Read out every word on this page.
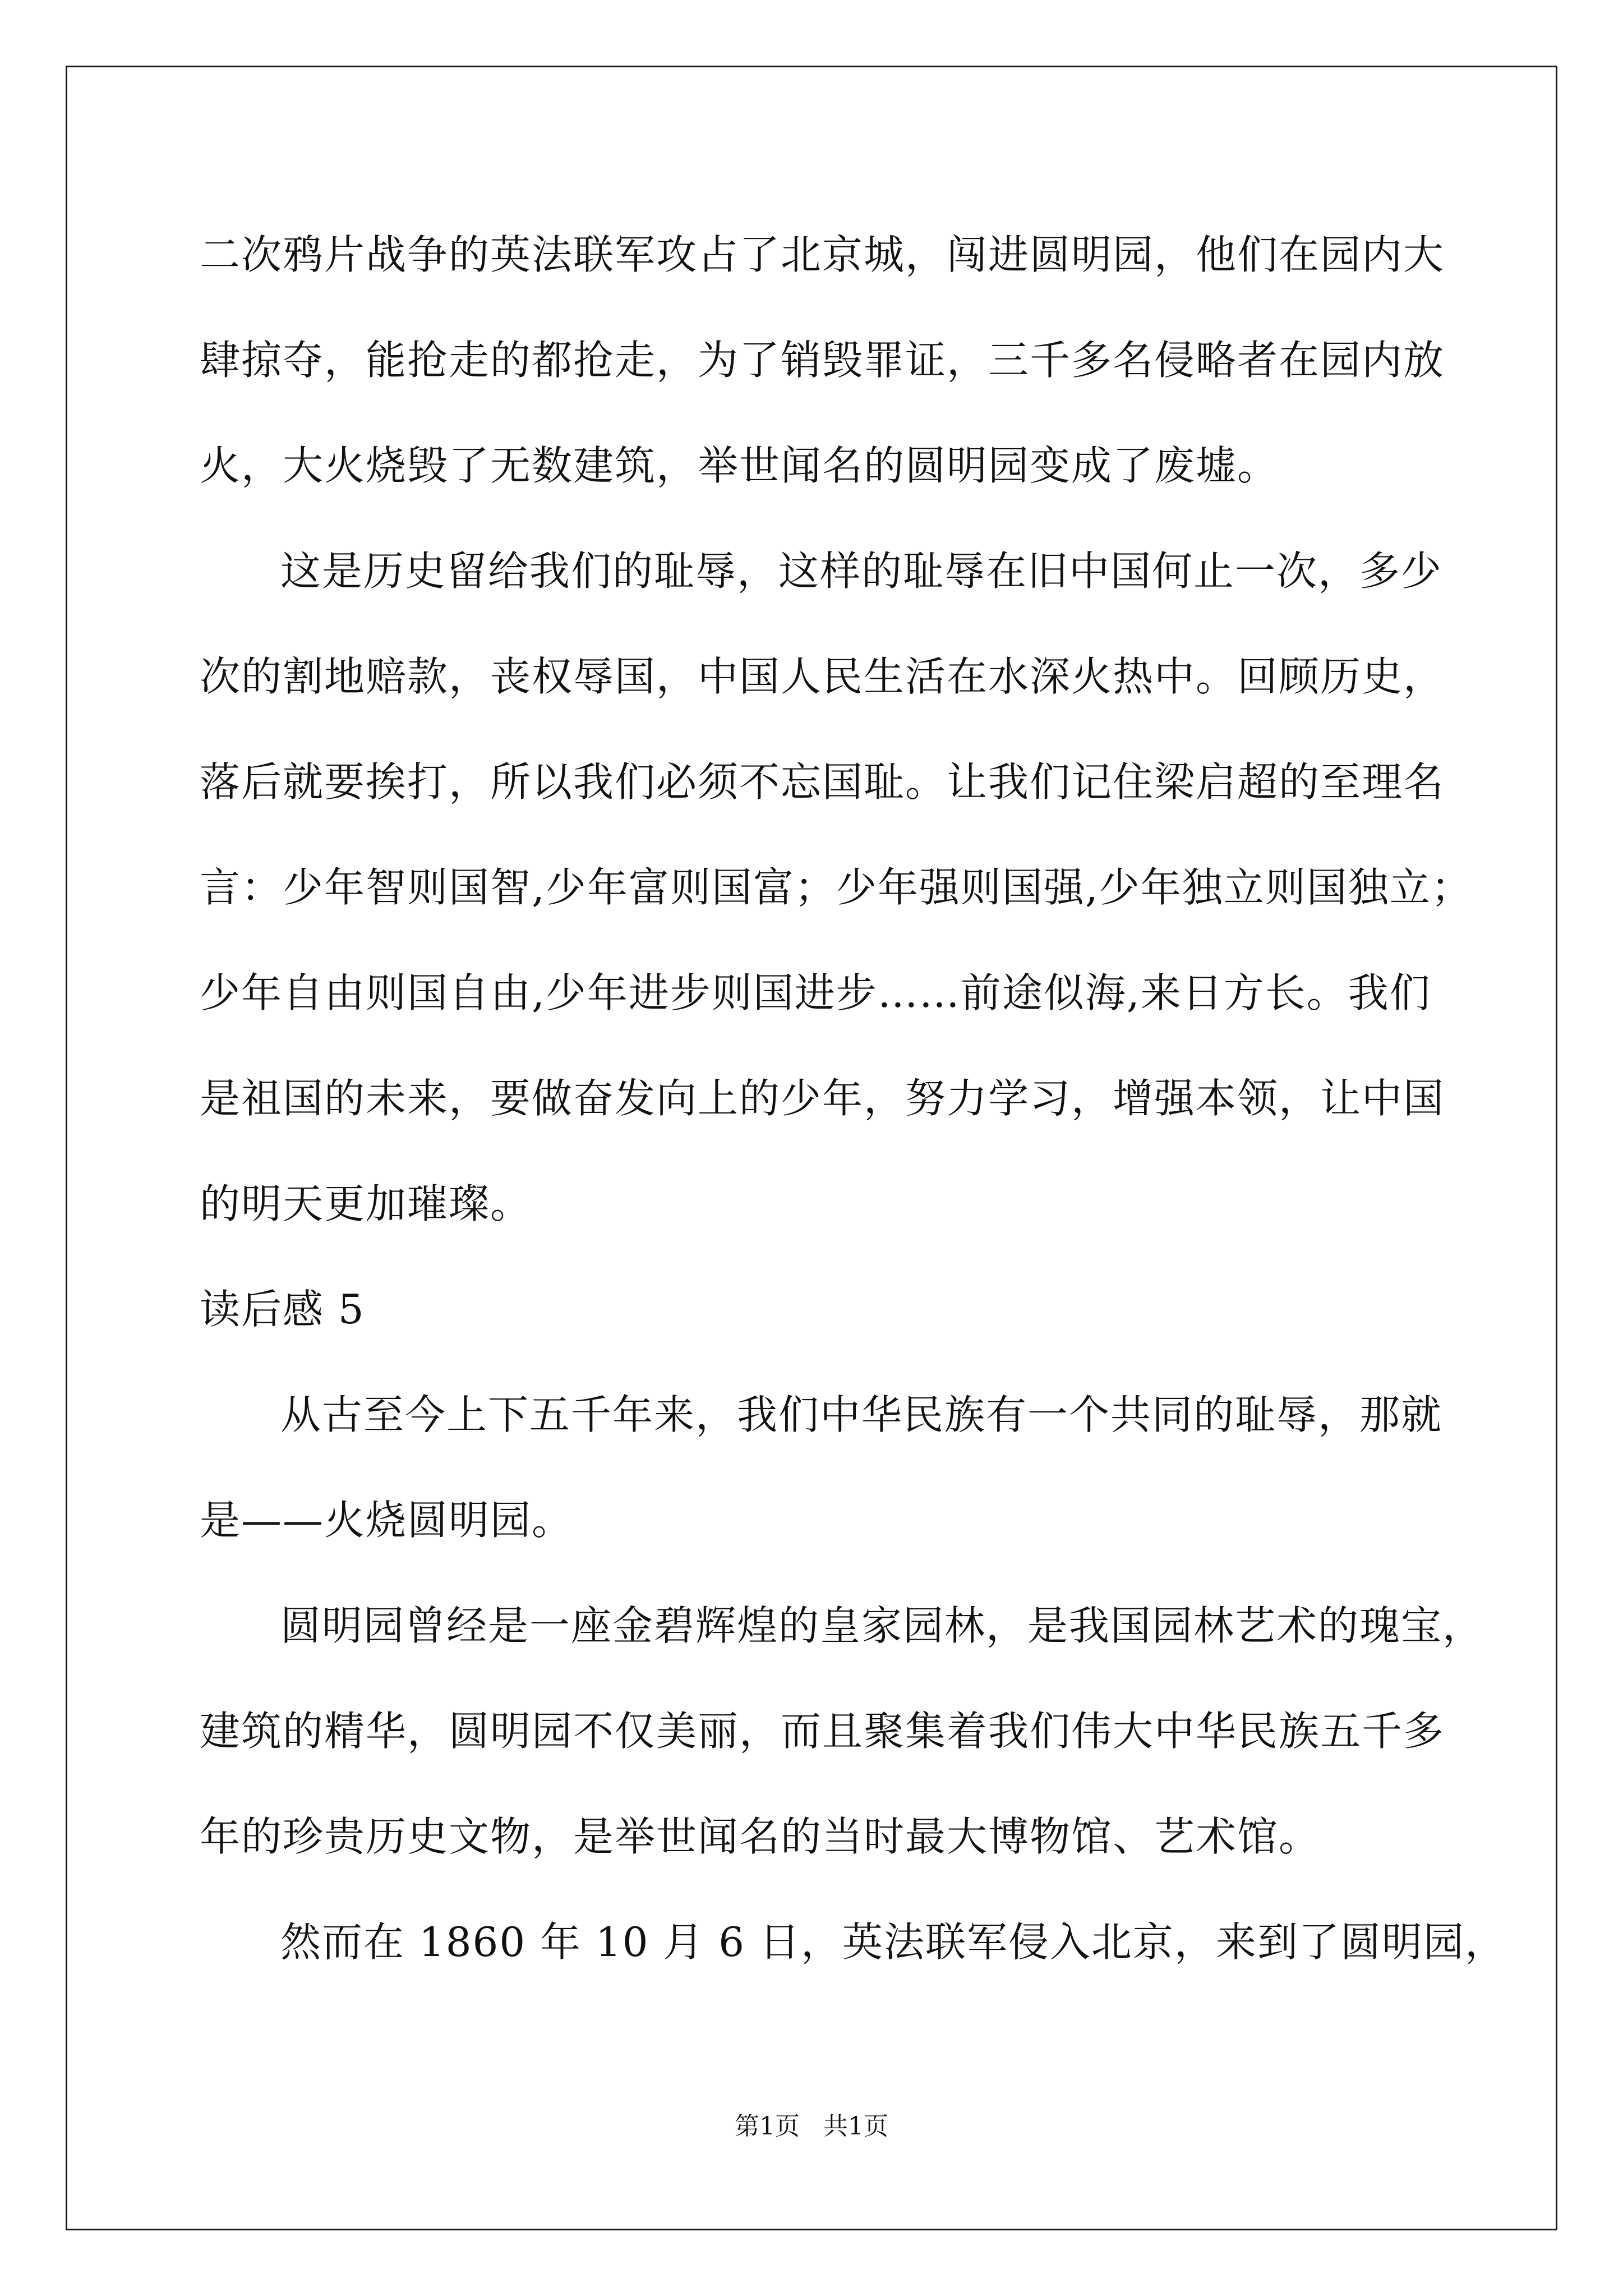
二次鸦片战争的英法联军攻占了北京城，闯进圆明园，他们在园内大
肆掠夺，能抢走的都抢走，为了销毁罪证，三千多名侵略者在园内放
火，大火烧毁了无数建筑，举世闻名的圆明园变成了废墟。
这是历史留给我们的耻辱，这样的耻辱在旧中国何止一次，多少
次的割地赔款，丧权辱国，中国人民生活在水深火热中。回顾历史，
落后就要挨打，所以我们必须不忘国耻。让我们记住梁启超的至理名
言：少年智则国智,少年富则国富；少年强则国强,少年独立则国独立；
少年自由则国自由,少年进步则国进步……前途似海,来日方长。我们
是祖国的未来，要做奋发向上的少年，努力学习，增强本领，让中国
的明天更加璀璨。
读后感 5
从古至今上下五千年来，我们中华民族有一个共同的耻辱，那就
是——火烧圆明园。
圆明园曾经是一座金碧辉煌的皇家园林，是我国园林艺术的瑰宝，
建筑的精华，圆明园不仅美丽，而且聚集着我们伟大中华民族五千多
年的珍贵历史文物，是举世闻名的当时最大博物馆、艺术馆。
然而在 1860 年 10 月 6 日，英法联军侵入北京，来到了圆明园，
第1页   共1页
